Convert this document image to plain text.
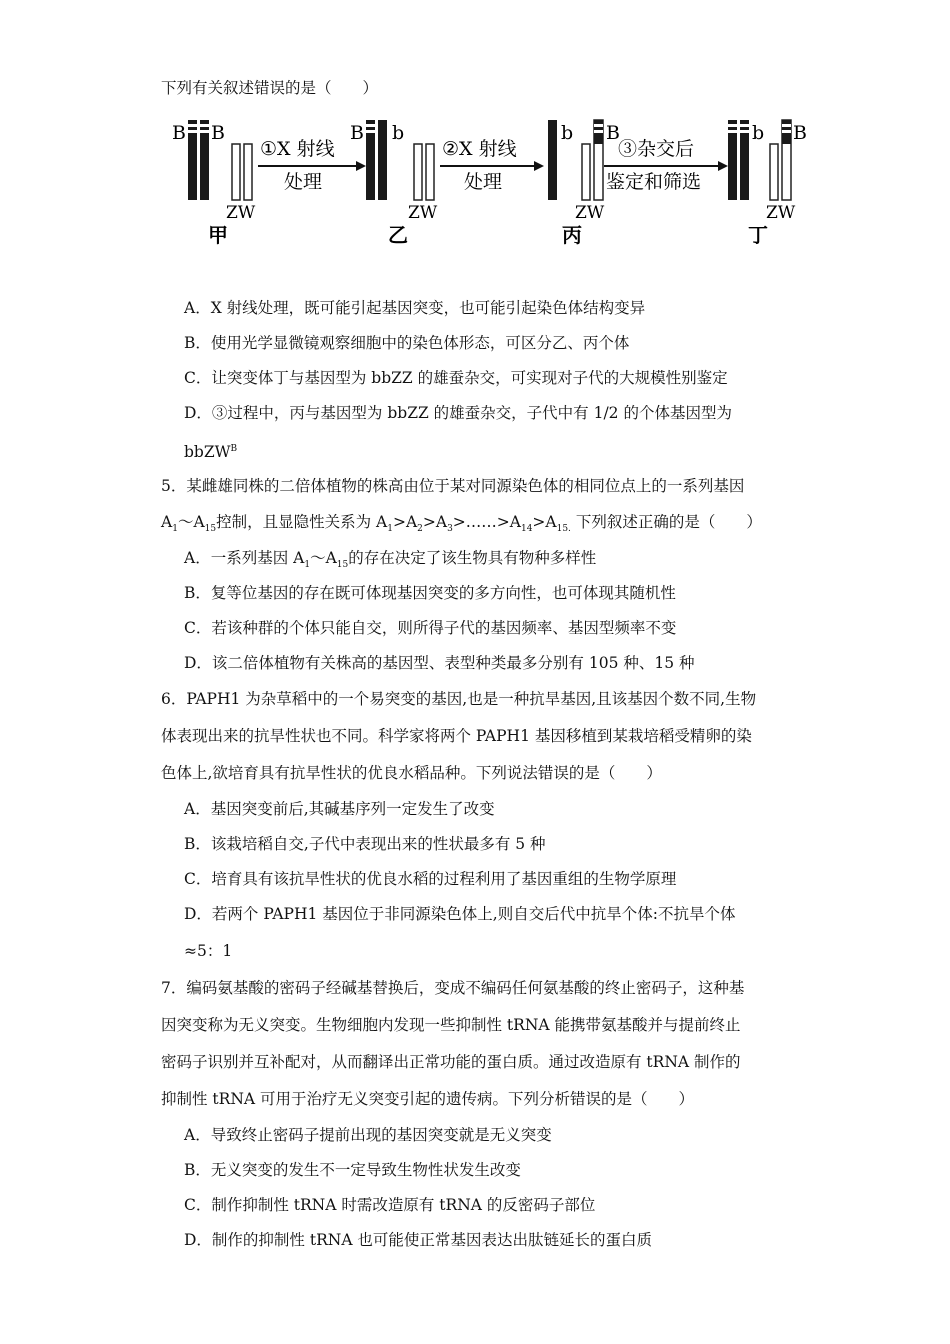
下列有关叙述错误的是（　　）
B B
ZW
甲
①X 射线
处理
B b
ZW
乙
②X 射线
处理
b B
ZW
丙
③杂交后
鉴定和筛选
b B
ZW
丁
A．X 射线处理，既可能引起基因突变，也可能引起染色体结构变异
B．使用光学显微镜观察细胞中的染色体形态，可区分乙、丙个体
C．让突变体丁与基因型为 bbZZ 的雄蚕杂交，可实现对子代的大规模性别鉴定
D．③过程中，丙与基因型为 bbZZ 的雄蚕杂交，子代中有 1/2 的个体基因型为
bbZW$^B$
5．某雌雄同株的二倍体植物的株高由位于某对同源染色体的相同位点上的一系列基因
$A_1\sim A_{15}$控制，且显隐性关系为 $A_1>A_2>A_3>\dots\dots>A_{14}>A_{15.}$ 下列叙述正确的是（　　）
A．一系列基因 $A_1\sim A_{15}$的存在决定了该生物具有物种多样性
B．复等位基因的存在既可体现基因突变的多方向性，也可体现其随机性
C．若该种群的个体只能自交，则所得子代的基因频率、基因型频率不变
D．该二倍体植物有关株高的基因型、表型种类最多分别有 105 种、15 种
6．PAPH1 为杂草稻中的一个易突变的基因,也是一种抗旱基因,且该基因个数不同,生物
体表现出来的抗旱性状也不同。科学家将两个 PAPH1 基因移植到某栽培稻受精卵的染
色体上,欲培育具有抗旱性状的优良水稻品种。下列说法错误的是（　　）
A．基因突变前后,其碱基序列一定发生了改变
B．该栽培稻自交,子代中表现出来的性状最多有 5 种
C．培育具有该抗旱性状的优良水稻的过程利用了基因重组的生物学原理
D．若两个 PAPH1 基因位于非同源染色体上,则自交后代中抗旱个体:不抗旱个体
≈5：1
7．编码氨基酸的密码子经碱基替换后，变成不编码任何氨基酸的终止密码子，这种基
因突变称为无义突变。生物细胞内发现一些抑制性 tRNA 能携带氨基酸并与提前终止
密码子识别并互补配对，从而翻译出正常功能的蛋白质。通过改造原有 tRNA 制作的
抑制性 tRNA 可用于治疗无义突变引起的遗传病。下列分析错误的是（　　）
A．导致终止密码子提前出现的基因突变就是无义突变
B．无义突变的发生不一定导致生物性状发生改变
C．制作抑制性 tRNA 时需改造原有 tRNA 的反密码子部位
D．制作的抑制性 tRNA 也可能使正常基因表达出肽链延长的蛋白质
